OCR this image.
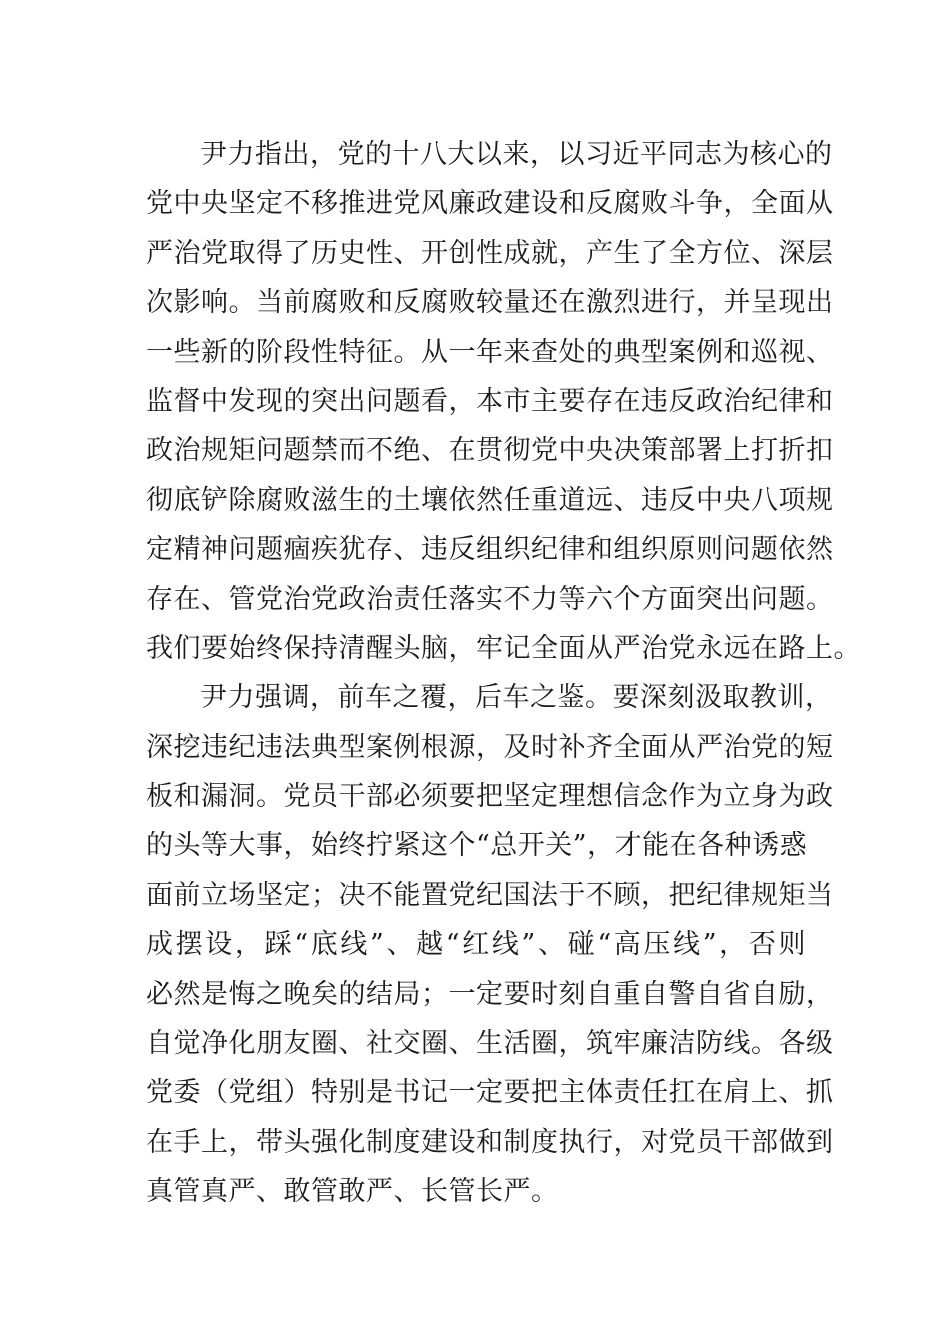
尹力指出，党的十八大以来，以习近平同志为核心的
党中央坚定不移推进党风廉政建设和反腐败斗争，全面从
严治党取得了历史性、开创性成就，产生了全方位、深层
次影响。当前腐败和反腐败较量还在激烈进行，并呈现出
一些新的阶段性特征。从一年来查处的典型案例和巡视、
监督中发现的突出问题看，本市主要存在违反政治纪律和
政治规矩问题禁而不绝、在贯彻党中央决策部署上打折扣
彻底铲除腐败滋生的土壤依然任重道远、违反中央八项规
定精神问题痼疾犹存、违反组织纪律和组织原则问题依然
存在、管党治党政治责任落实不力等六个方面突出问题。
我们要始终保持清醒头脑，牢记全面从严治党永远在路上。
尹力强调，前车之覆，后车之鉴。要深刻汲取教训，
深挖违纪违法典型案例根源，及时补齐全面从严治党的短
板和漏洞。党员干部必须要把坚定理想信念作为立身为政
的头等大事，始终拧紧这个“总开关”，才能在各种诱惑
面前立场坚定；决不能置党纪国法于不顾，把纪律规矩当
成摆设，踩“底线”、越“红线”、碰“高压线”，否则
必然是悔之晚矣的结局；一定要时刻自重自警自省自励，
自觉净化朋友圈、社交圈、生活圈，筑牢廉洁防线。各级
党委（党组）特别是书记一定要把主体责任扛在肩上、抓
在手上，带头强化制度建设和制度执行，对党员干部做到
真管真严、敢管敢严、长管长严。
